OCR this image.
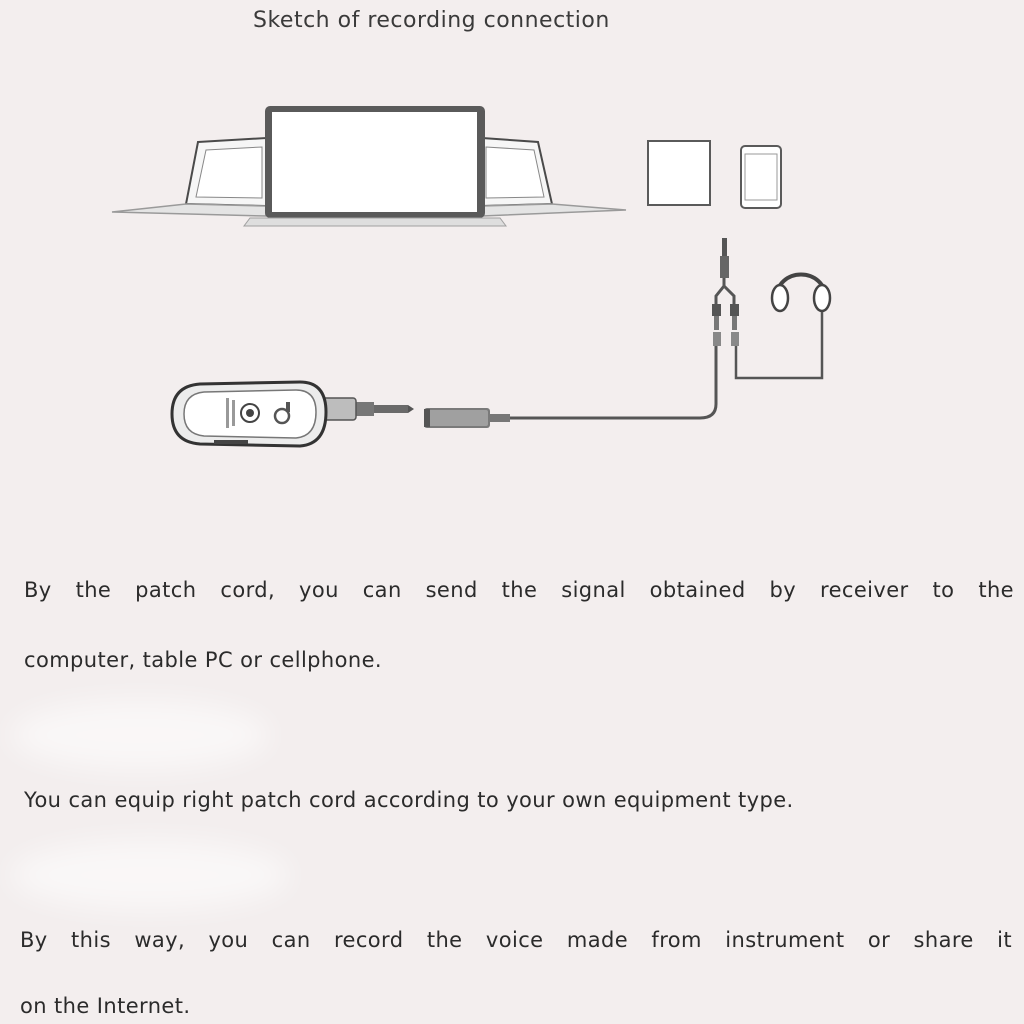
Sketch of recording connection

By the patch cord, you can send the signal obtained by receiver to the

computer, table PC or cellphone.

You can equip right patch cord according to your own equipment type.

By this way, you can record the voice made from instrument or share it

on the Internet.
